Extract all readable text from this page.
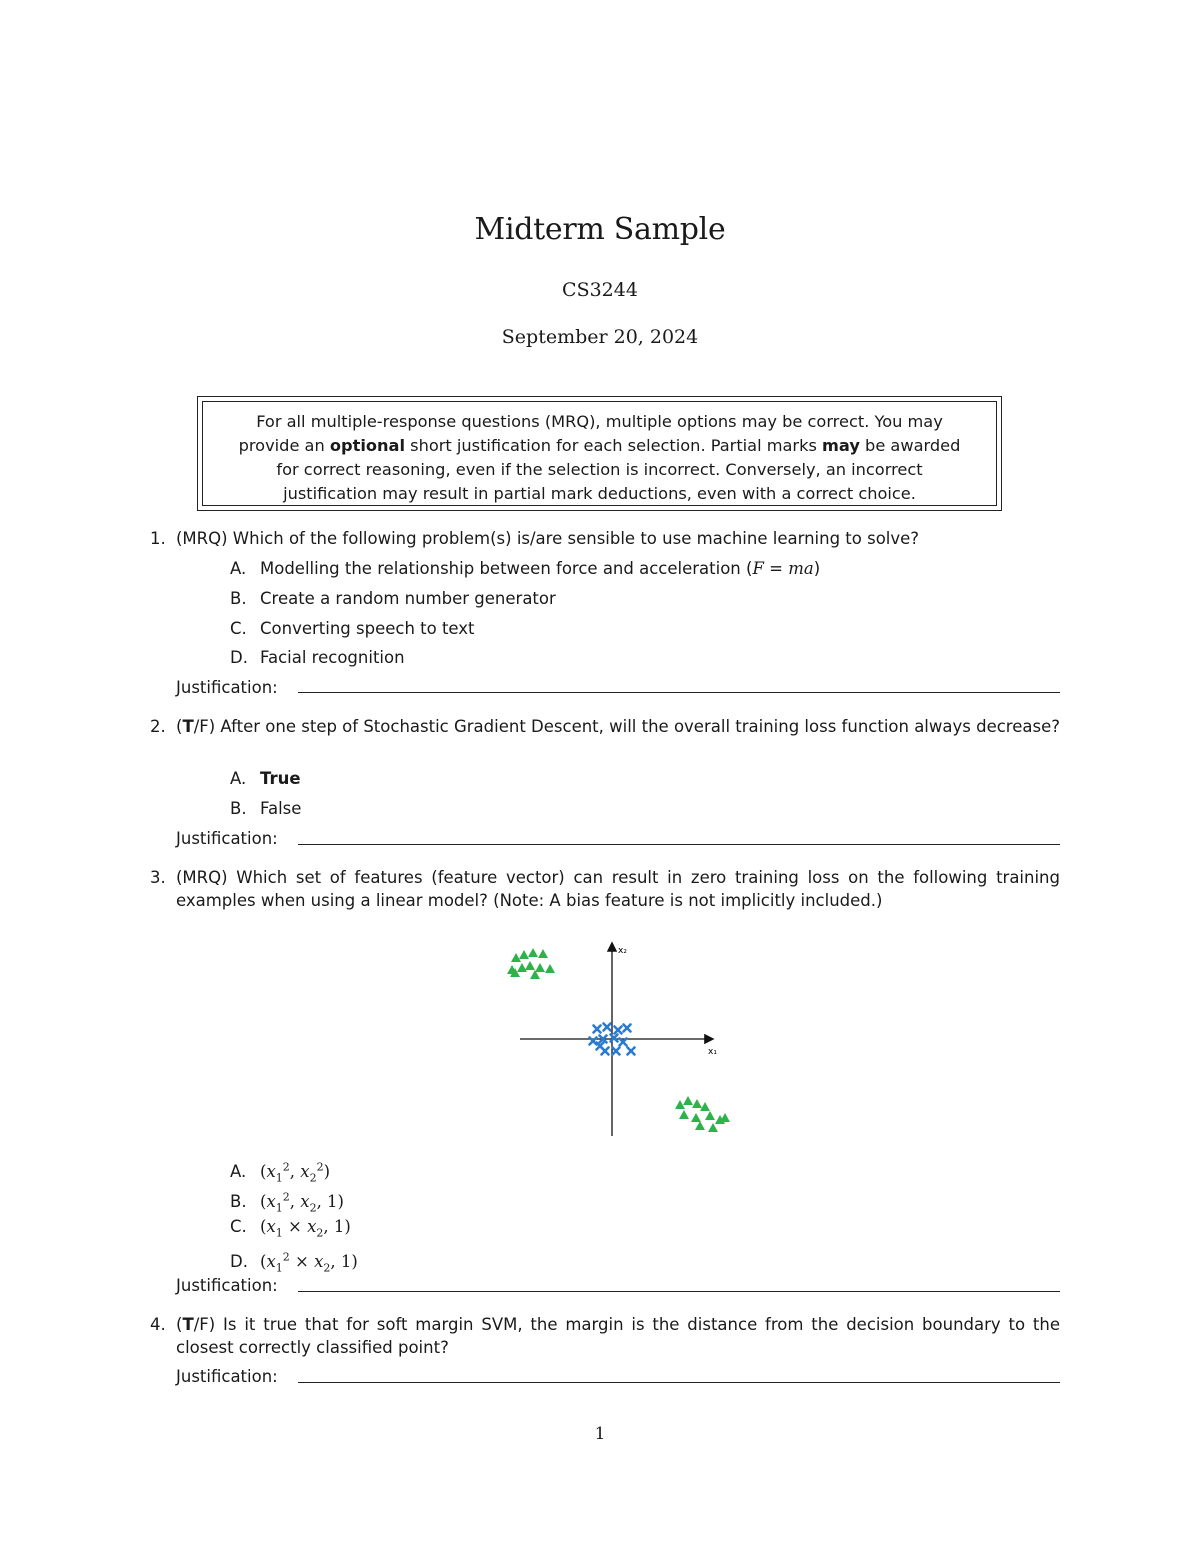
Midterm Sample
CS3244
September 20, 2024
For all multiple-response questions (MRQ), multiple options may be correct. You may
provide an optional short justification for each selection. Partial marks may be awarded
for correct reasoning, even if the selection is incorrect. Conversely, an incorrect
justification may result in partial mark deductions, even with a correct choice.
1. (MRQ) Which of the following problem(s) is/are sensible to use machine learning to solve?
A. Modelling the relationship between force and acceleration (F = ma)
B. Create a random number generator
C. Converting speech to text
D. Facial recognition
Justification:
2. (T/F) After one step of Stochastic Gradient Descent, will the overall training loss function always decrease?
A. True
B. False
Justification:
3. (MRQ) Which set of features (feature vector) can result in zero training loss on the following training examples when using a linear model? (Note: A bias feature is not implicitly included.)
x₁
x₂
A. ($x_1^2$, $x_2^2$)
B. ($x_1^2$, $x_2$, 1)
C. ($x_1 \times x_2$, 1)
D. ($x_1^2 \times x_2$, 1)
Justification:
4. (T/F) Is it true that for soft margin SVM, the margin is the distance from the decision boundary to the closest correctly classified point?
Justification:
1
